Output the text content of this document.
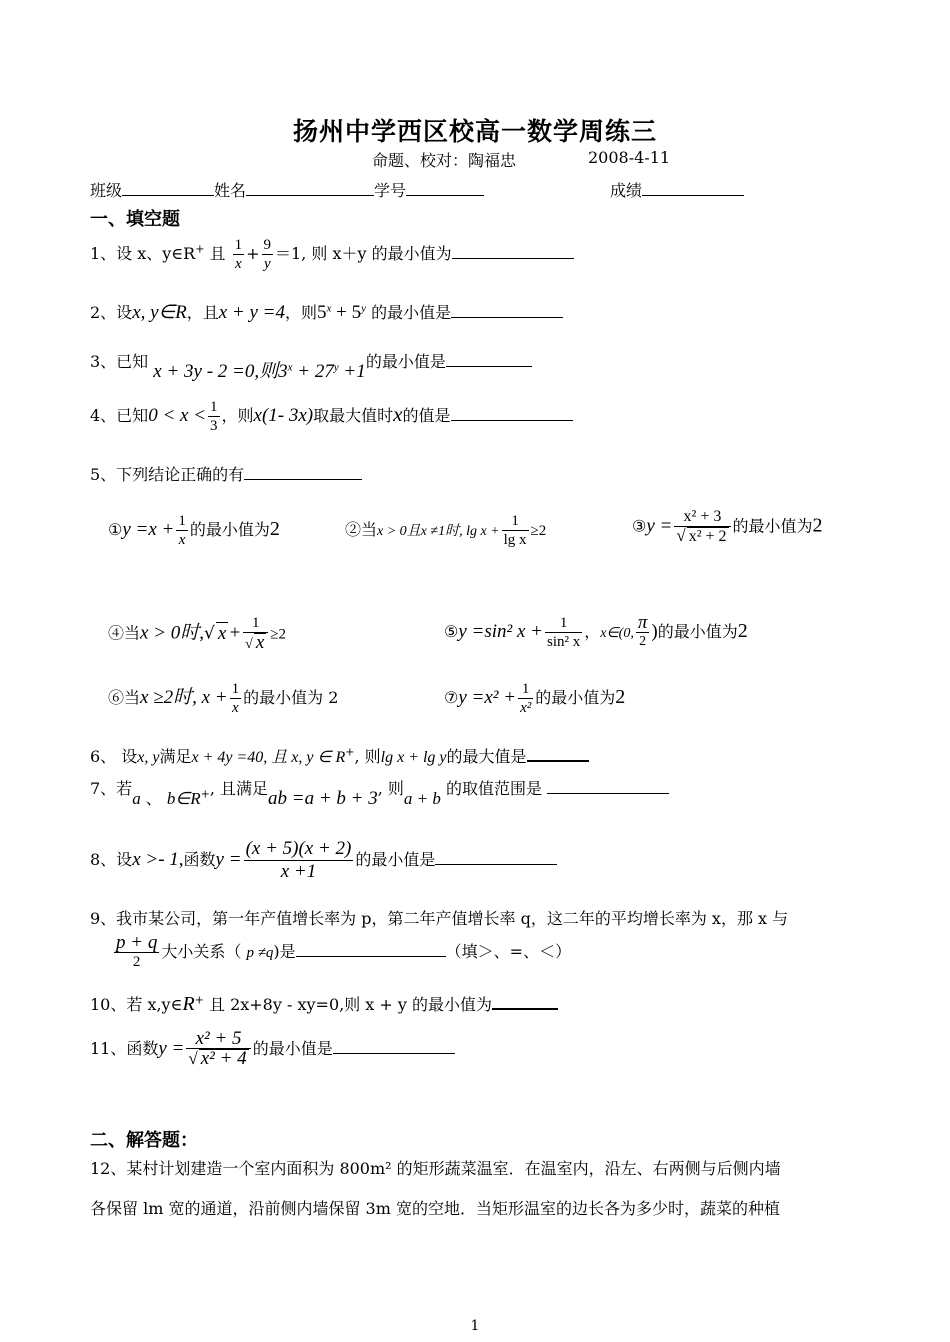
扬州中学西区校高一数学周练三
命题、校对：陶福忠	2008-4-11
班级	姓名	学号	成绩
一、填空题
1、设 x、y∈R+ 且 $\frac{1}{x} + \frac{9}{y} =1$, 则 x＋y 的最小值为
2、设x, y∈R，且x + y =4，则$5^x + 5^y$ 的最小值是
3、已知 x + 3y - 2 =0,则$3^x + 27^y +1$的最小值是
4、已知$0 < x < \frac{1}{3}$ ，则x(1- 3x)取最大值时x的值是
5、下列结论正确的有
①y $=x + \frac{1}{x}$ 的最小值为2	②当x > 0且x ≠1时, $\lg x + \frac{1}{\text{lg x}} \ge 2$	③y = $\frac{\text{x² + 3}}{\text{√ x² + 2}}$ 的最小值为2
④当x > 0时,√ $x + \frac{1}{√ x} \ge 2$	⑤y =sin² $x + \frac{1}{\text{sin² x}}$ ，x∈(0, $\frac{\pi}{2}$ )的最小值为2
⑥当x ≥2时, $x + \frac{1}{x}$ 的最小值为 2	⑦y $=x^2 + \frac{1}{\text{x²}}$ 的最小值为2
6、 设x, y满足x + 4y =40, 且 x, y ∈ R+, 则lg x + lg y的最大值是
7、若a 、 b∈R+, 且满足ab =a + b + 3, 则a + b 的取值范围是
8、设x >- 1,函数$y = \frac{(x + 5)(x + 2)}{x +1}$ 的最小值是
9、我市某公司，第一年产值增长率为 p，第二年产值增长率 q，这二年的平均增长率为 x，那 x 与
$\frac{p + q}{2}$ 大小关系（ p ≠q)是	（填＞、=、＜）
10、若 x,y∈R+ 且 2x+8y - xy=0,则 x + y 的最小值为
11、函数$y = \frac{\text{x² + 5}}{\text{√ x² + 4}}$ 的最小值是
二、解答题：
12、某村计划建造一个室内面积为 800m² 的矩形蔬菜温室．在温室内，沿左、右两侧与后侧内墙
各保留 lm 宽的通道，沿前侧内墙保留 3m 宽的空地．当矩形温室的边长各为多少时，蔬菜的种植
1
